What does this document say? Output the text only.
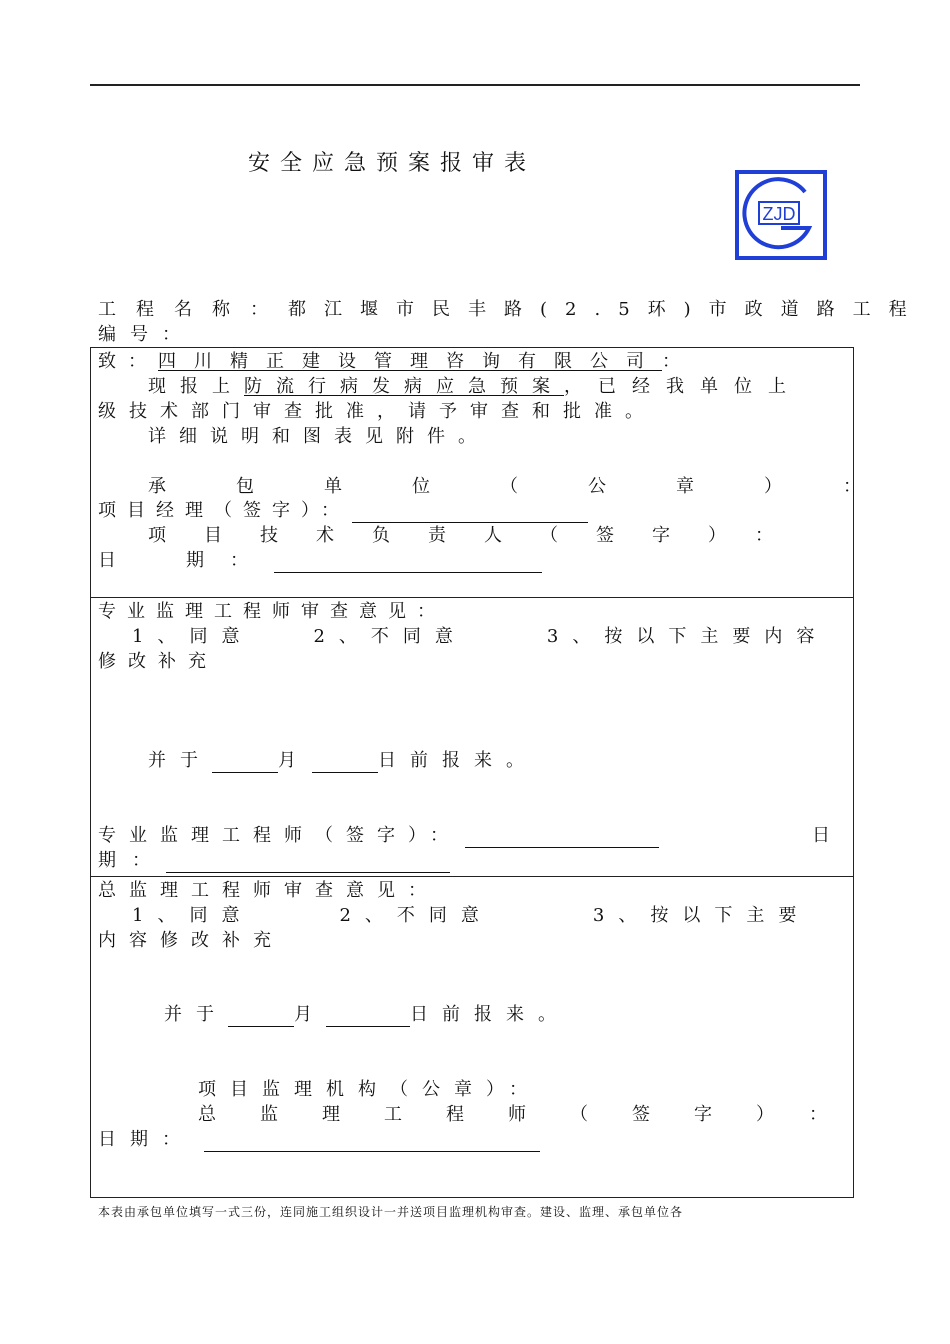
安全应急预案报审表
ZJD
工程名称： 都江堰市民丰路(2.5环)市政道路工程
编号：
致：四川精正建设管理咨询有限公司：
现报上防流行病发病应急预案，已经我单位上
级技术部门审查批准，请予审查和批准。
详细说明和图表见附件。
承包单位（公章）：
项目经理（签字）：
项目技术负责人（签字）：
日　期：
专业监理工程师审查意见：
1、同意	2、不同意	3、按以下主要内容
修改补充
并于	月	日前报来。
专业监理工程师（签字）：	日
期：
总监理工程师审查意见：
1、同意	2、不同意	3、按以下主要
内容修改补充
并于	月	日前报来。
项目监理机构（公章）：
总监理工程师（签字）：
日期：
本表由承包单位填写一式三份，连同施工组织设计一并送项目监理机构审查。建设、监理、承包单位各
